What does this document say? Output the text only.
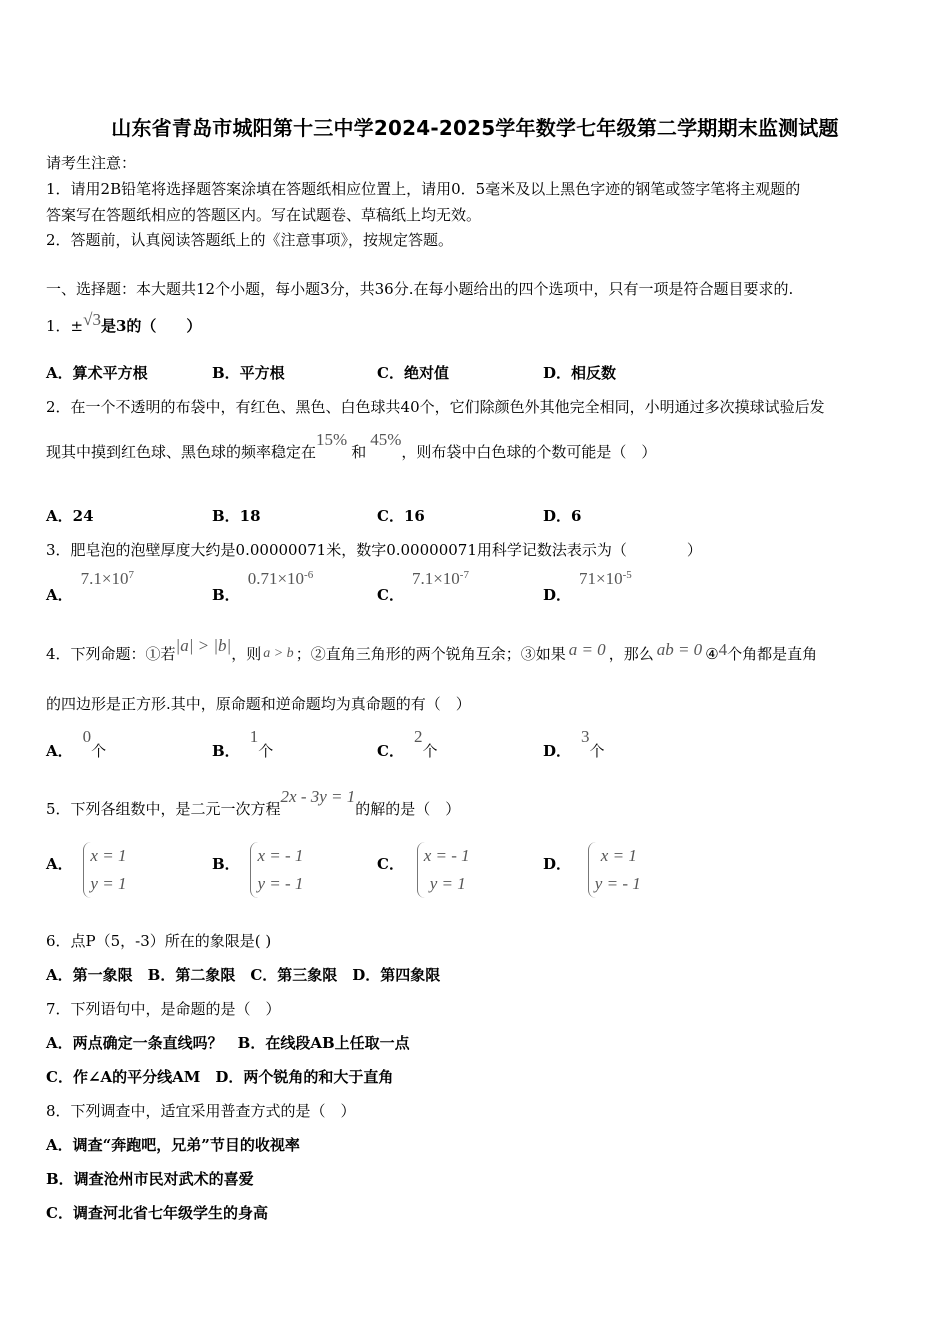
山东省青岛市城阳第十三中学2024-2025学年数学七年级第二学期期末监测试题
请考生注意：
1．请用2B铅笔将选择题答案涂填在答题纸相应位置上，请用0．5毫米及以上黑色字迹的钢笔或签字笔将主观题的
答案写在答题纸相应的答题区内。写在试题卷、草稿纸上均无效。
2．答题前，认真阅读答题纸上的《注意事项》，按规定答题。
一、选择题：本大题共12个小题，每小题3分，共36分.在每小题给出的四个选项中，只有一项是符合题目要求的.
1．±√3是3的（　　）
A．算术平方根	B．平方根	C．绝对值	D．相反数
2．在一个不透明的布袋中，有红色、黑色、白色球共40个，它们除颜色外其他完全相同，小明通过多次摸球试验后发
现其中摸到红色球、黑色球的频率稳定在15%和45%，则布袋中白色球的个数可能是（　）
A．24	B．18	C．16	D．6
3．肥皂泡的泡壁厚度大约是0.00000071米，数字0.00000071用科学记数法表示为（　　　　）
A．$7.1\times 10^7$
B．$0.71\times 10^{-6}$
C．$7.1\times 10^{-7}$
D．$71\times 10^{-5}$
4．下列命题：①若|a| > |b|，则 a > b ；②直角三角形的两个锐角互余；③如果 a = 0 ，那么 ab = 0 ④4个角都是直角
的四边形是正方形.其中，原命题和逆命题均为真命题的有（　）
A．0个	B．1个	C．2个	D．3个
5．下列各组数中，是二元一次方程2x - 3y = 1的解的是（　）
A． x = 1
y = 1
B． x = - 1
y = - 1
C． x = - 1
y = 1
D． x = 1
y = - 1
6．点P（5，-3）所在的象限是( )
A．第一象限　B．第二象限　C．第三象限　D．第四象限
7．下列语句中，是命题的是（　）
A．两点确定一条直线吗？　B．在线段AB上任取一点
C．作∠A的平分线AM　D．两个锐角的和大于直角
8．下列调查中，适宜采用普查方式的是（　）
A．调查“奔跑吧，兄弟”节目的收视率
B．调查沧州市民对武术的喜爱
C．调查河北省七年级学生的身高
